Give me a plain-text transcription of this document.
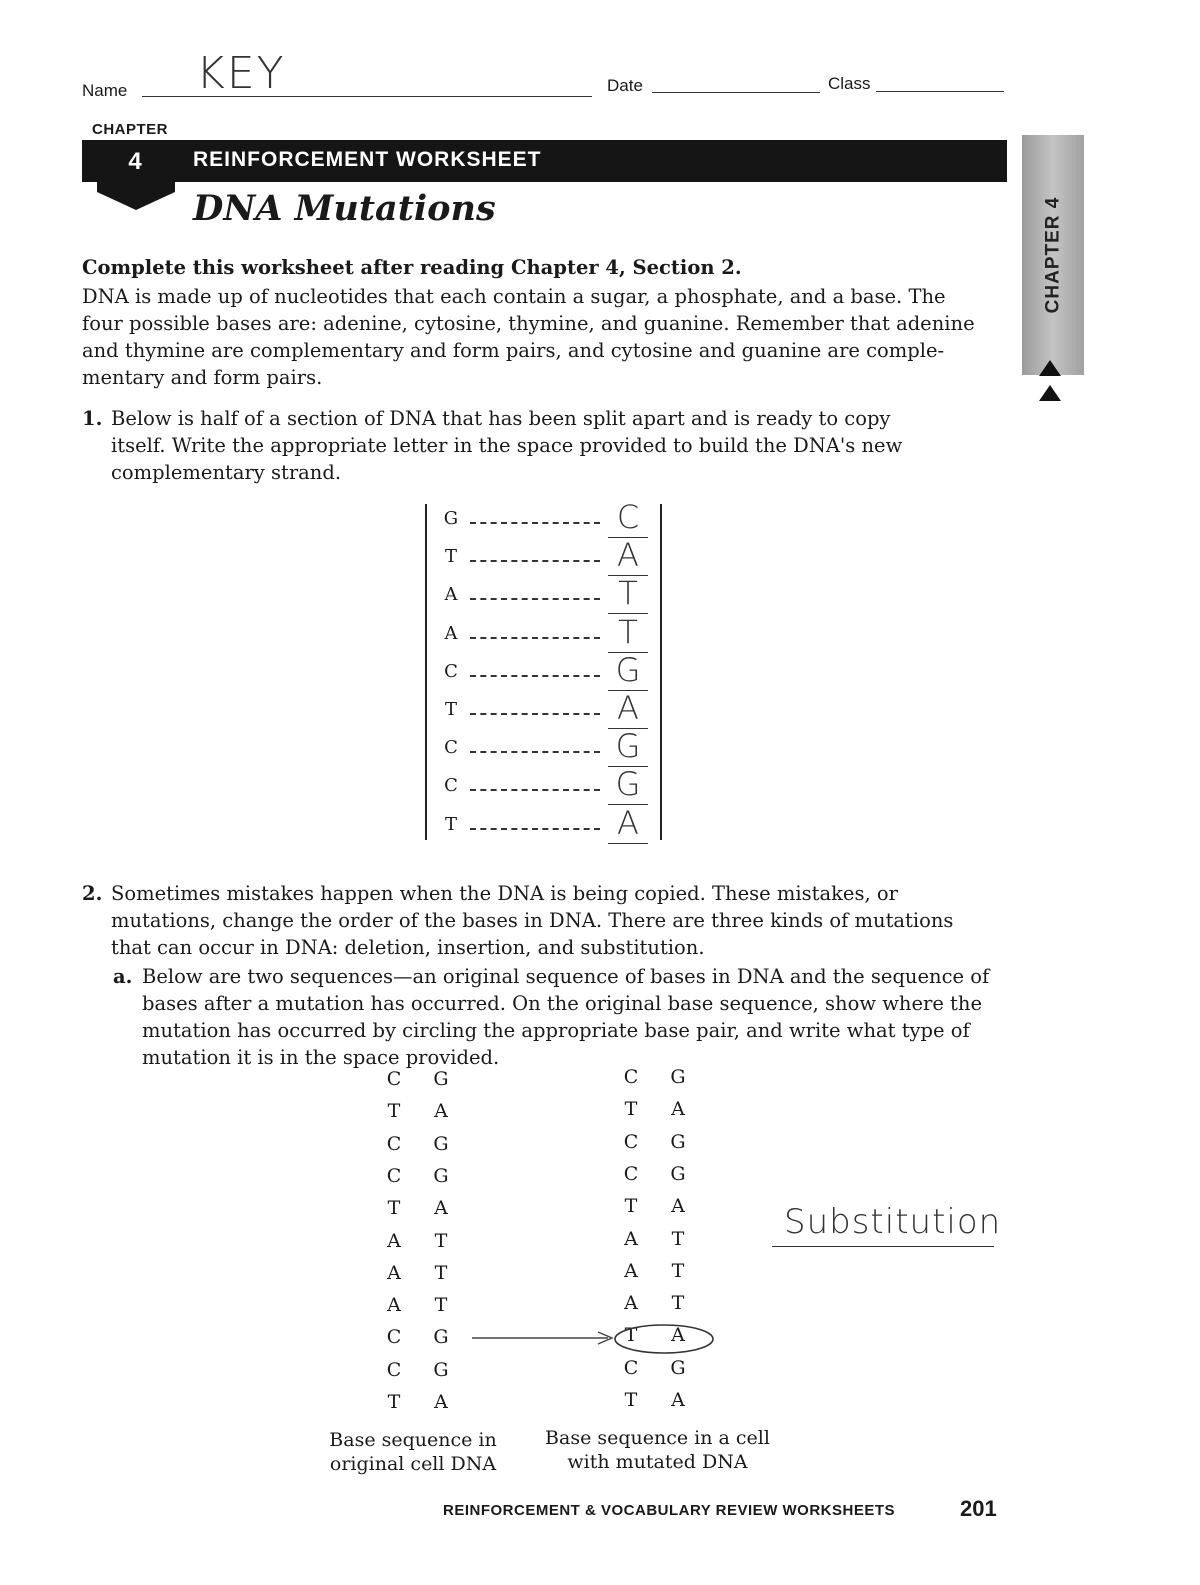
Name KEY	Date	Class
CHAPTER
4	REINFORCEMENT WORKSHEET
DNA Mutations	CHAPTER 4
Complete this worksheet after reading Chapter 4, Section 2.
DNA is made up of nucleotides that each contain a sugar, a phosphate, and a base. The
four possible bases are: adenine, cytosine, thymine, and guanine. Remember that adenine
and thymine are complementary and form pairs, and cytosine and guanine are comple-
mentary and form pairs.
1. Below is half of a section of DNA that has been split apart and is ready to copy
itself. Write the appropriate letter in the space provided to build the DNA's new
complementary strand.
G	C
T	A
A	T
A	T
C	G
T	A
C	G
C	G
T	A
2. Sometimes mistakes happen when the DNA is being copied. These mistakes, or
mutations, change the order of the bases in DNA. There are three kinds of mutations
that can occur in DNA: deletion, insertion, and substitution.
a. Below are two sequences—an original sequence of bases in DNA and the sequence of
bases after a mutation has occurred. On the original base sequence, show where the
mutation has occurred by circling the appropriate base pair, and write what type of
mutation it is in the space provided.
C G
T A
C G
C G
T A
A T
A T
A T
C G
C G
T A
C G
T A
C G
C G
T A
A T
A T
A T
T A
C G
T A
Base sequence in
original cell DNA
Base sequence in a cell
with mutated DNA
Substitution
REINFORCEMENT & VOCABULARY REVIEW WORKSHEETS	201
